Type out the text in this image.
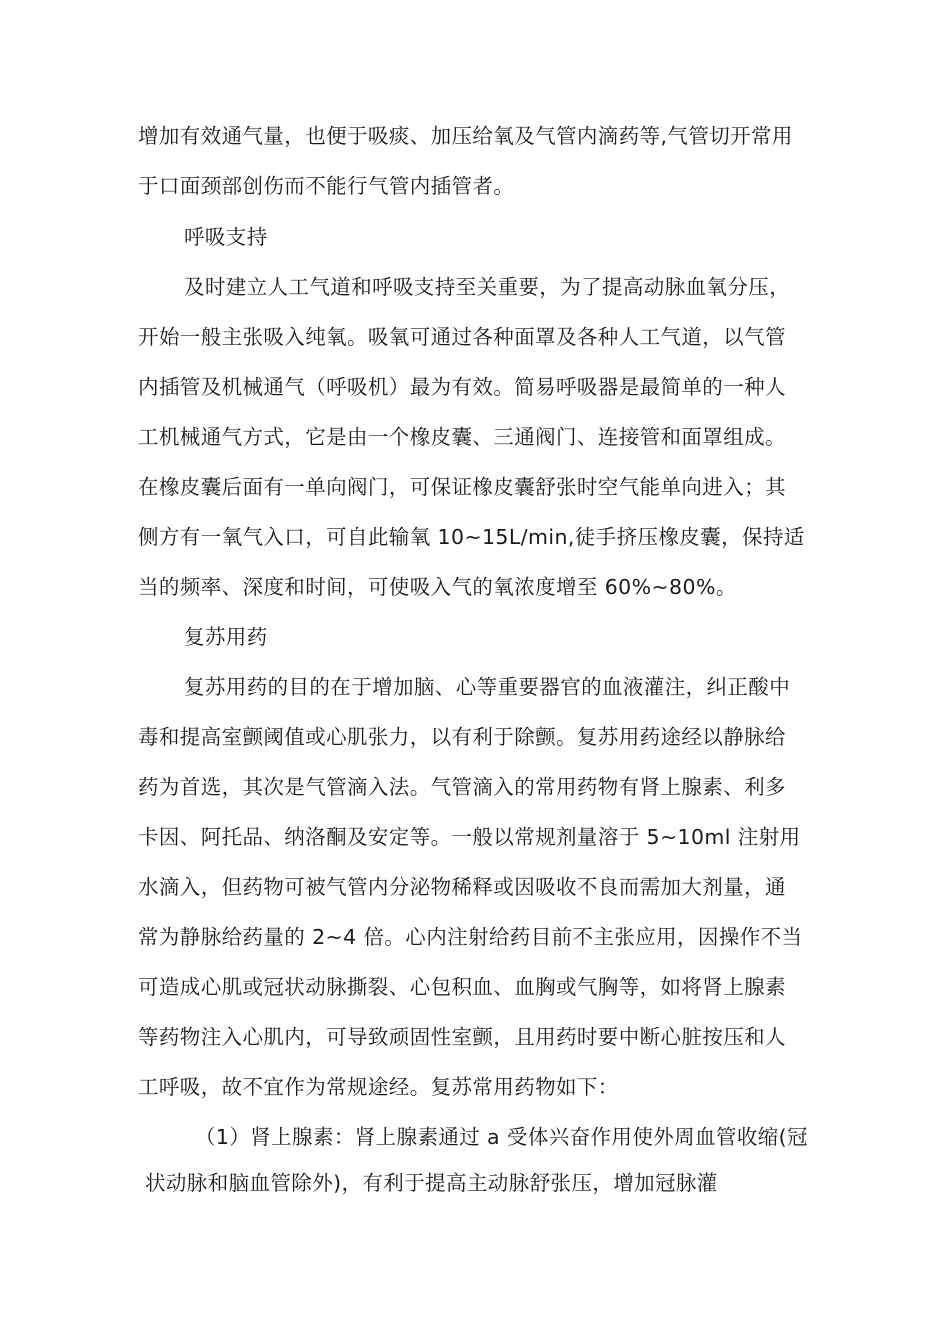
增加有效通气量，也便于吸痰、加压给氧及气管内滴药等,气管切开常用
于口面颈部创伤而不能行气管内插管者。
呼吸支持
及时建立人工气道和呼吸支持至关重要，为了提高动脉血氧分压，
开始一般主张吸入纯氧。吸氧可通过各种面罩及各种人工气道，以气管
内插管及机械通气（呼吸机）最为有效。简易呼吸器是最简单的一种人
工机械通气方式，它是由一个橡皮囊、三通阀门、连接管和面罩组成。
在橡皮囊后面有一单向阀门，可保证橡皮囊舒张时空气能单向进入；其
侧方有一氧气入口，可自此输氧 10~15L/min,徒手挤压橡皮囊，保持适
当的频率、深度和时间，可使吸入气的氧浓度增至 60%~80%。
复苏用药
复苏用药的目的在于增加脑、心等重要器官的血液灌注，纠正酸中
毒和提高室颤阈值或心肌张力，以有利于除颤。复苏用药途经以静脉给
药为首选，其次是气管滴入法。气管滴入的常用药物有肾上腺素、利多
卡因、阿托品、纳洛酮及安定等。一般以常规剂量溶于 5~10ml 注射用
水滴入，但药物可被气管内分泌物稀释或因吸收不良而需加大剂量，通
常为静脉给药量的 2~4 倍。心内注射给药目前不主张应用，因操作不当
可造成心肌或冠状动脉撕裂、心包积血、血胸或气胸等，如将肾上腺素
等药物注入心肌内，可导致顽固性室颤，且用药时要中断心脏按压和人
工呼吸，故不宜作为常规途经。复苏常用药物如下：
（1）肾上腺素：肾上腺素通过 a 受体兴奋作用使外周血管收缩(冠
状动脉和脑血管除外)，有利于提高主动脉舒张压，增加冠脉灌
